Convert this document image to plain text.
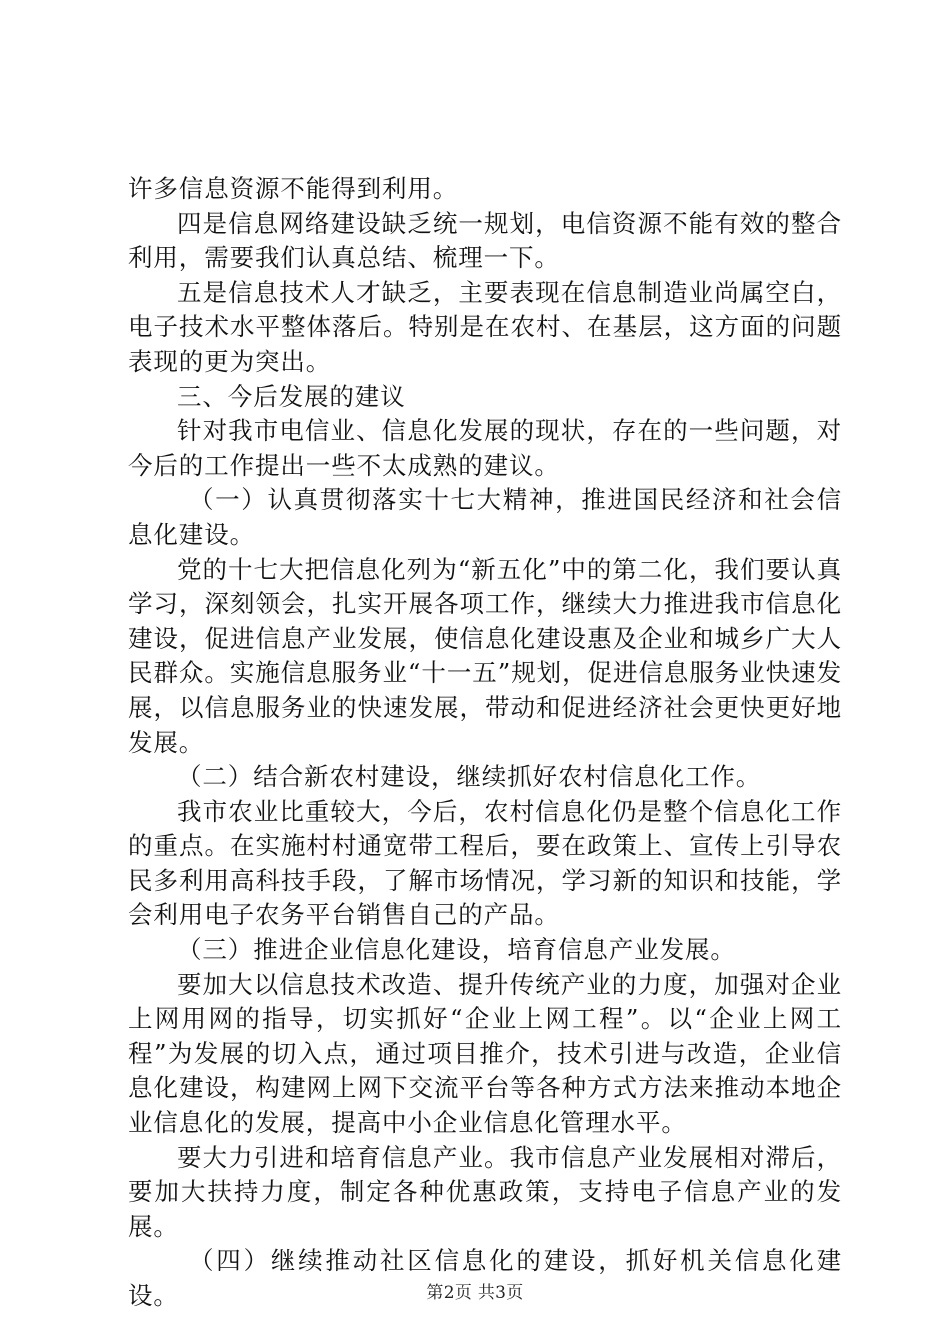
许多信息资源不能得到利用。

四是信息网络建设缺乏统一规划，电信资源不能有效的整合利用，需要我们认真总结、梳理一下。

五是信息技术人才缺乏，主要表现在信息制造业尚属空白，电子技术水平整体落后。特别是在农村、在基层，这方面的问题表现的更为突出。

三、今后发展的建议

针对我市电信业、信息化发展的现状，存在的一些问题，对今后的工作提出一些不太成熟的建议。

（一）认真贯彻落实十七大精神，推进国民经济和社会信息化建设。

党的十七大把信息化列为“新五化”中的第二化，我们要认真学习，深刻领会，扎实开展各项工作，继续大力推进我市信息化建设，促进信息产业发展，使信息化建设惠及企业和城乡广大人民群众。实施信息服务业“十一五”规划，促进信息服务业快速发展，以信息服务业的快速发展，带动和促进经济社会更快更好地发展。

（二）结合新农村建设，继续抓好农村信息化工作。

我市农业比重较大，今后，农村信息化仍是整个信息化工作的重点。在实施村村通宽带工程后，要在政策上、宣传上引导农民多利用高科技手段，了解市场情况，学习新的知识和技能，学会利用电子农务平台销售自己的产品。

（三）推进企业信息化建设，培育信息产业发展。

要加大以信息技术改造、提升传统产业的力度，加强对企业上网用网的指导，切实抓好“企业上网工程”。以“企业上网工程”为发展的切入点，通过项目推介，技术引进与改造，企业信息化建设，构建网上网下交流平台等各种方式方法来推动本地企业信息化的发展，提高中小企业信息化管理水平。

要大力引进和培育信息产业。我市信息产业发展相对滞后，要加大扶持力度，制定各种优惠政策，支持电子信息产业的发展。

（四）继续推动社区信息化的建设，抓好机关信息化建设。	第2页 共3页
